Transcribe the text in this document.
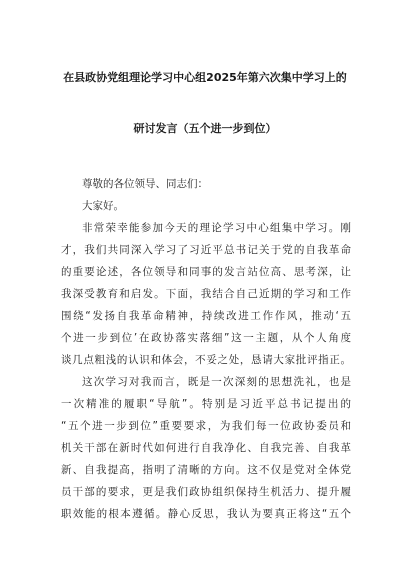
在县政协党组理论学习中心组2025年第六次集中学习上的
研讨发言（五个进一步到位）
尊敬的各位领导、同志们：
大家好。
非常荣幸能参加今天的理论学习中心组集中学习。刚
才，我们共同深入学习了习近平总书记关于党的自我革命
的重要论述，各位领导和同事的发言站位高、思考深，让
我深受教育和启发。下面，我结合自己近期的学习和工作
围绕“发扬自我革命精神，持续改进工作作风，推动‘五
个进一步到位’在政协落实落细”这一主题，从个人角度
谈几点粗浅的认识和体会，不妥之处，恳请大家批评指正。
这次学习对我而言，既是一次深刻的思想洗礼，也是
一次精准的履职“导航”。特别是习近平总书记提出的
“五个进一步到位”重要要求，为我们每一位政协委员和
机关干部在新时代如何进行自我净化、自我完善、自我革
新、自我提高，指明了清晰的方向。这不仅是党对全体党
员干部的要求，更是我们政协组织保持生机活力、提升履
职效能的根本遵循。静心反思，我认为要真正将这“五个
